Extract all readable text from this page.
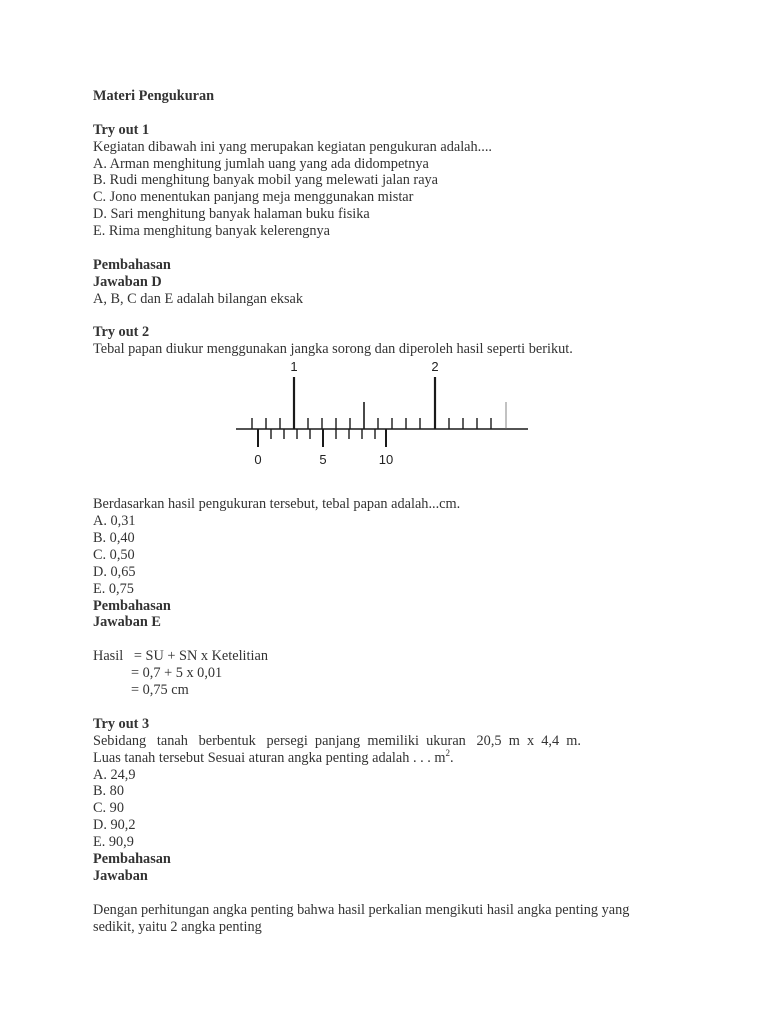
Materi Pengukuran
Try out 1
Kegiatan dibawah ini yang merupakan kegiatan pengukuran adalah....
A. Arman menghitung jumlah uang yang ada didompetnya
B. Rudi menghitung banyak mobil yang melewati jalan raya
C. Jono menentukan panjang meja menggunakan mistar
D. Sari menghitung banyak halaman buku fisika
E. Rima menghitung banyak kelerengnya
Pembahasan
Jawaban D
A, B, C dan E adalah bilangan eksak
Try out 2
Tebal papan diukur menggunakan jangka sorong dan diperoleh hasil seperti berikut.
1	2
0	5	10
Berdasarkan hasil pengukuran tersebut, tebal papan adalah...cm.
A. 0,31
B. 0,40
C. 0,50
D. 0,65
E. 0,75
Pembahasan
Jawaban E
Hasil   = SU + SN x Ketelitian
= 0,7 + 5 x 0,01
= 0,75 cm
Try out 3
Sebidang   tanah   berbentuk   persegi  panjang  memiliki  ukuran   20,5  m  x  4,4  m.
Luas tanah tersebut Sesuai aturan angka penting adalah . . . $m^2$.
A. 24,9
B. 80
C. 90
D. 90,2
E. 90,9
Pembahasan
Jawaban
Dengan perhitungan angka penting bahwa hasil perkalian mengikuti hasil angka penting yang
sedikit, yaitu 2 angka penting
